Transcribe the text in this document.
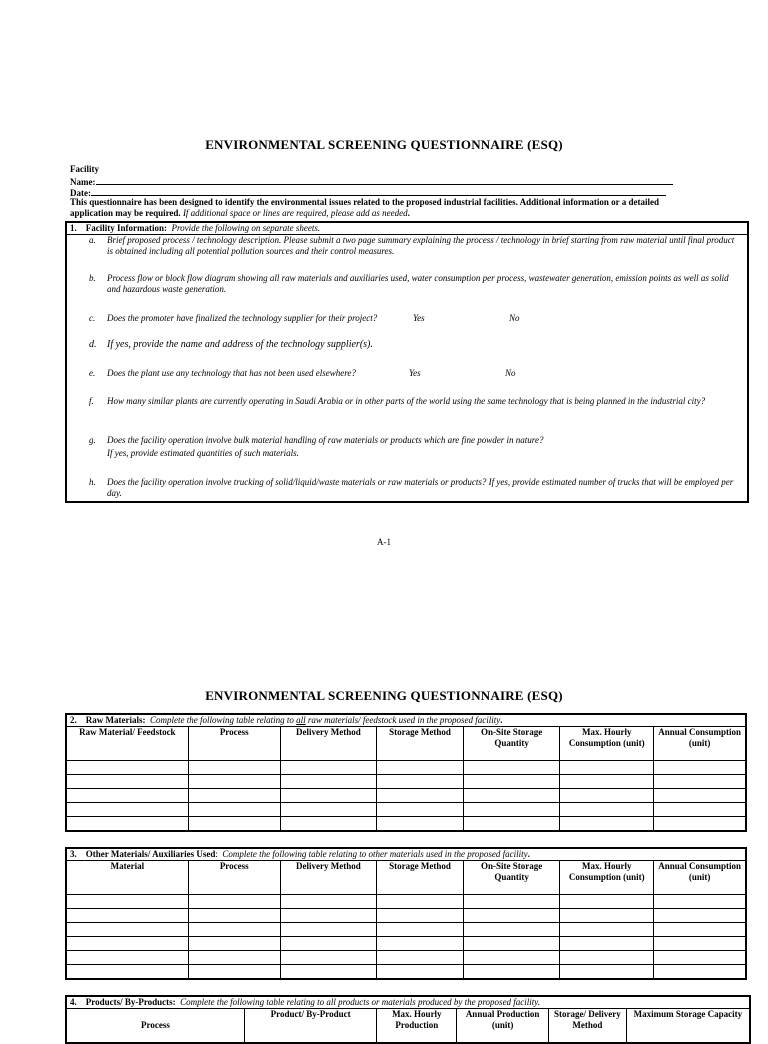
ENVIRONMENTAL SCREENING QUESTIONNAIRE (ESQ)
Facility
Name:
Date:
This questionnaire has been designed to identify the environmental issues related to the proposed industrial facilities. Additional information or a detailed application may be required. If additional space or lines are required, please add as needed.
1. Facility Information: Provide the following on separate sheets.
a. Brief proposed process / technology description. Please submit a two page summary explaining the process / technology in brief starting from raw material until final product is obtained including all potential pollution sources and their control measures.
b. Process flow or block flow diagram showing all raw materials and auxiliaries used, water consumption per process, wastewater generation, emission points as well as solid and hazardous waste generation.
c. Does the promoter have finalized the technology supplier for their project?	Yes	No
d. If yes, provide the name and address of the technology supplier(s).
e. Does the plant use any technology that has not been used elsewhere?	Yes	No
f. How many similar plants are currently operating in Saudi Arabia or in other parts of the world using the same technology that is being planned in the industrial city?
g. Does the facility operation involve bulk material handling of raw materials or products which are fine powder in nature?
If yes, provide estimated quantities of such materials.
h. Does the facility operation involve trucking of solid/liquid/waste materials or raw materials or products? If yes, provide estimated number of trucks that will be employed per day.
A-1
ENVIRONMENTAL SCREENING QUESTIONNAIRE (ESQ)
2. Raw Materials: Complete the following table relating to all raw materials/ feedstock used in the proposed facility.						
Raw Material/ Feedstock	Process	Delivery Method	Storage Method	On-Site Storage Quantity	Max. Hourly Consumption (unit)	Annual Consumption (unit)

3. Other Materials/ Auxiliaries Used:  Complete the following table relating to other materials used in the proposed facility.						
Material	Process	Delivery Method	Storage Method	On-Site Storage Quantity	Max. Hourly Consumption (unit)	Annual Consumption (unit)

4. Products/ By-Products: Complete the following table relating to all products or materials produced by the proposed facility.
Process	Product/ By-Product	Max. Hourly Production	Annual Production (unit)	Storage/ Delivery Method	Maximum Storage Capacity
